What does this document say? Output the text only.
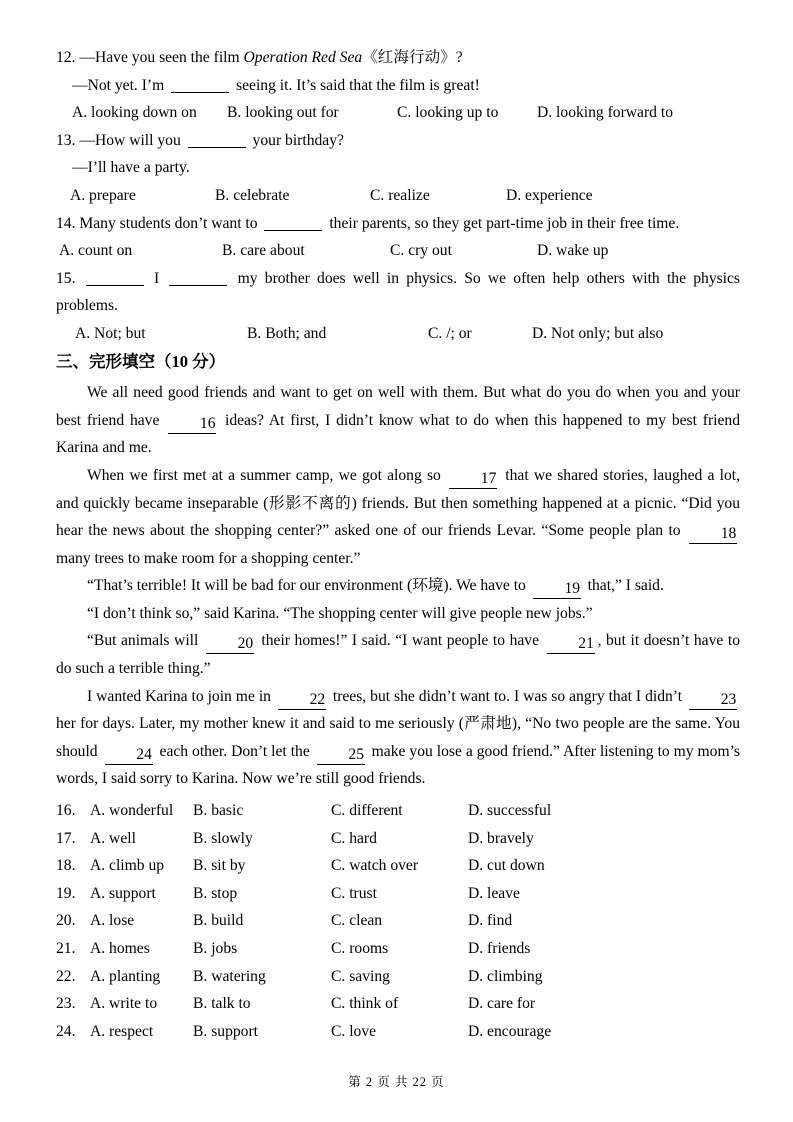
12. —Have you seen the film Operation Red Sea《红海行动》?
—Not yet. I’m	seeing it. It’s said that the film is great!
A. looking down on B. looking out for	C. looking up to D. looking forward to
13. —How will you	your birthday?
—I’ll have a party.
A. prepare	B. celebrate	C. realize	D. experience
14. Many students don’t want to	their parents, so they get part-time job in their free time.
A. count on	B. care about	C. cry out	D. wake up
15.	I	my brother does well in physics. So we often help others with the physics problems.
A. Not; but	B. Both; and	C. /; or	D. Not only; but also
三、完形填空（10 分）

We all need good friends and want to get on well with them. But what do you do when you and your best friend have 16 ideas? At first, I didn’t know what to do when this happened to my best friend Karina and me.

When we first met at a summer camp, we got along so 17 that we shared stories, laughed a lot, and quickly became inseparable (形影不离的) friends. But then something happened at a picnic. “Did you hear the news about the shopping center?” asked one of our friends Levar. “Some people plan to 18 many trees to make room for a shopping center.”

“That’s terrible! It will be bad for our environment (环境). We have to 19 that,” I said.

“I don’t think so,” said Karina. “The shopping center will give people new jobs.”

“But animals will 20 their homes!” I said. “I want people to have 21 , but it doesn’t have to do such a terrible thing.”

I wanted Karina to join me in 22 trees, but she didn’t want to. I was so angry that I didn’t 23 her for days. Later, my mother knew it and said to me seriously (严肃地), “No two people are the same. You should 24 each other. Don’t let the 25 make you lose a good friend.” After listening to my mom’s words, I said sorry to Karina. Now we’re still good friends.

16. A. wonderful B. basic	C. different	D. successful
17. A. well	B. slowly	C. hard	D. bravely
18. A. climb up B. sit by	C. watch over	D. cut down
19. A. support B. stop	C. trust	D. leave
20. A. lose	B. build	C. clean	D. find
21. A. homes	B. jobs	C. rooms	D. friends
22. A. planting B. watering	C. saving	D. climbing
23. A. write to B. talk to	C. think of	D. care for
24. A. respect	B. support	C. love	D. encourage
第 2 页 共 22 页
